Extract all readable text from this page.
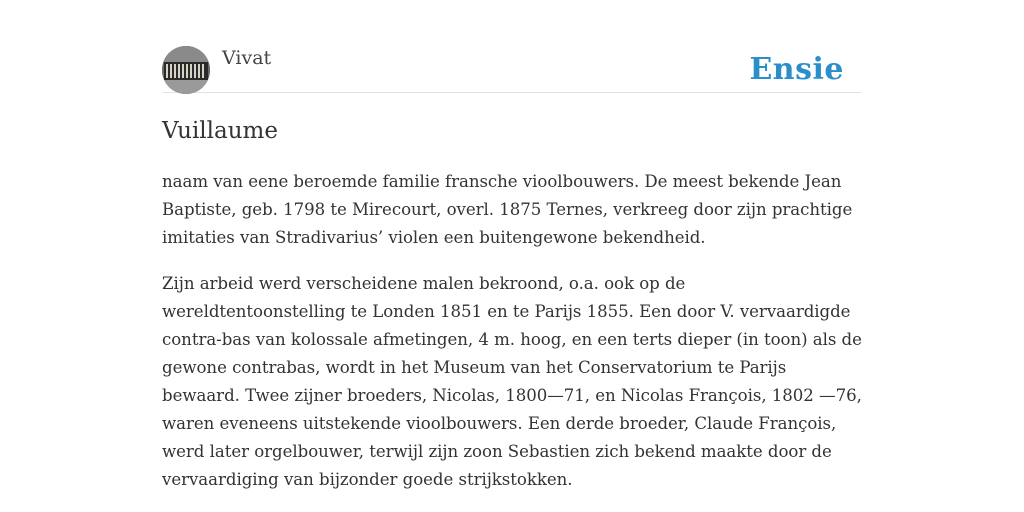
Vivat	Ensie
Vuillaume

naam van eene beroemde familie fransche vioolbouwers. De meest bekende Jean Baptiste, geb. 1798 te Mirecourt, overl. 1875 Ternes, verkreeg door zijn prachtige imitaties van Stradivarius’ violen een buitengewone bekendheid.

Zijn arbeid werd verscheidene malen bekroond, o.a. ook op de wereldtentoonstelling te Londen 1851 en te Parijs 1855. Een door V. vervaardigde contra-bas van kolossale afmetingen, 4 m. hoog, en een terts dieper (in toon) als de gewone contrabas, wordt in het Museum van het Conservatorium te Parijs bewaard. Twee zijner broeders, Nicolas, 1800—71, en Nicolas François, 1802 —76, waren eveneens uitstekende vioolbouwers. Een derde broeder, Claude François, werd later orgelbouwer, terwijl zijn zoon Sebastien zich bekend maakte door de vervaardiging van bijzonder goede strijkstokken.
